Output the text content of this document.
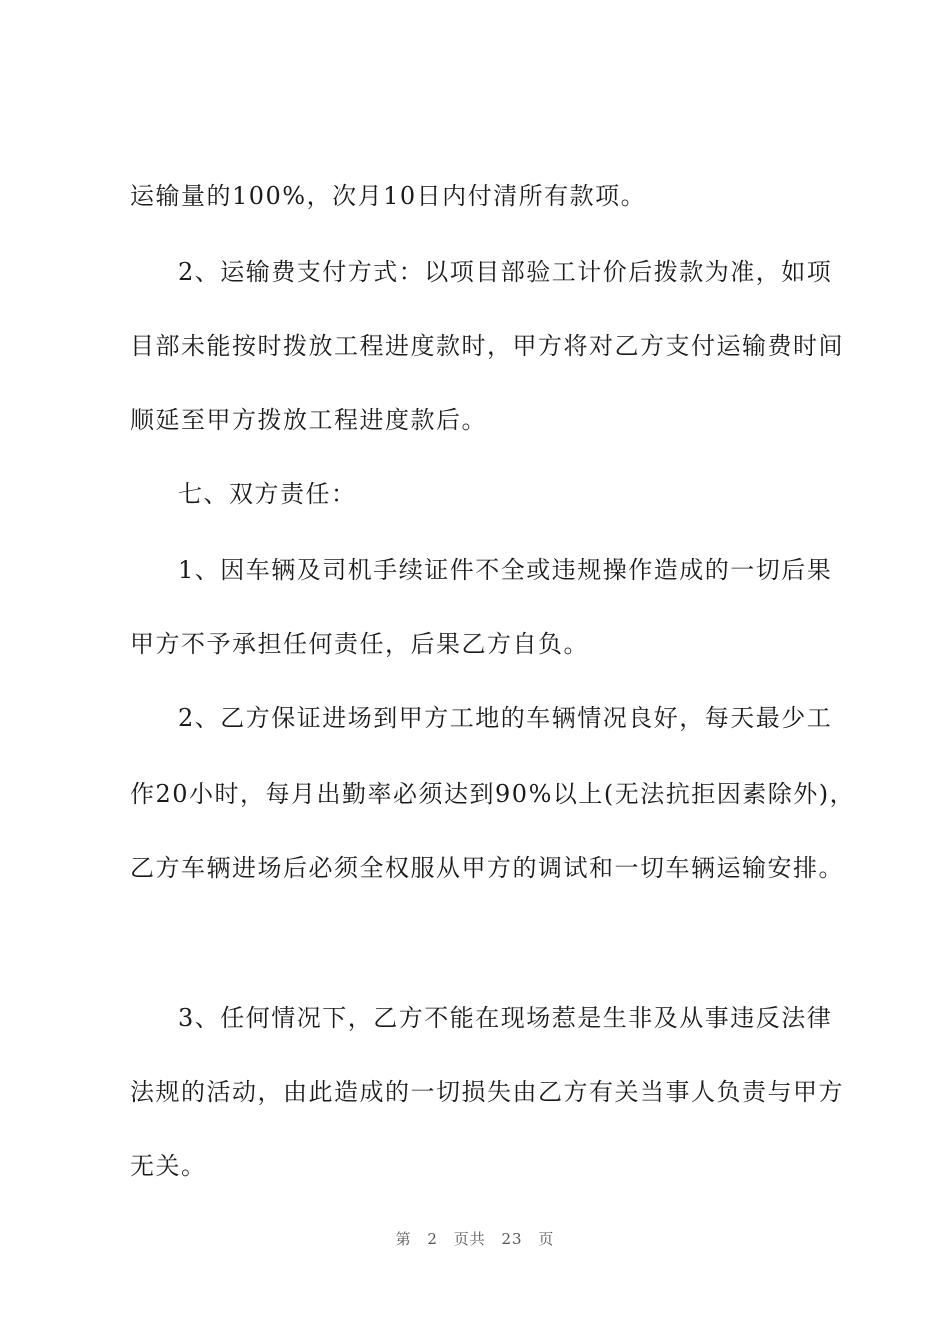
运输量的100%，次月10日内付清所有款项。
2、运输费支付方式：以项目部验工计价后拨款为准，如项
目部未能按时拨放工程进度款时，甲方将对乙方支付运输费时间
顺延至甲方拨放工程进度款后。
七、双方责任：
1、因车辆及司机手续证件不全或违规操作造成的一切后果
甲方不予承担任何责任，后果乙方自负。
2、乙方保证进场到甲方工地的车辆情况良好，每天最少工
作20小时，每月出勤率必须达到90%以上(无法抗拒因素除外)，
乙方车辆进场后必须全权服从甲方的调试和一切车辆运输安排。
3、任何情况下，乙方不能在现场惹是生非及从事违反法律
法规的活动，由此造成的一切损失由乙方有关当事人负责与甲方
无关。
第 2 页共 23 页
